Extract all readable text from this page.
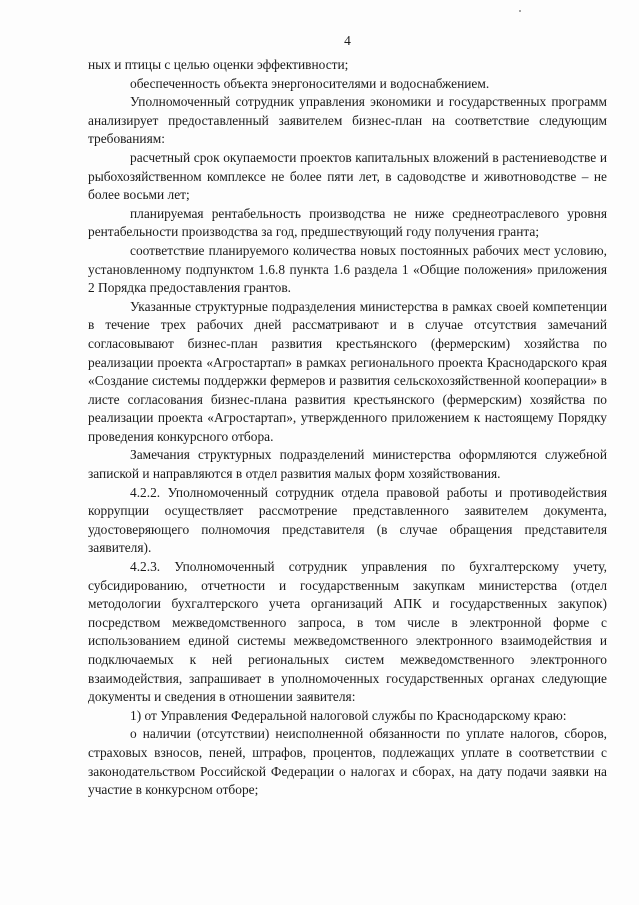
4

ных и птицы с целью оценки эффективности;

обеспеченность объекта энергоносителями и водоснабжением.

Уполномоченный сотрудник управления экономики и государственных программ анализирует предоставленный заявителем бизнес-план на соответствие следующим требованиям:

расчетный срок окупаемости проектов капитальных вложений в растениеводстве и рыбохозяйственном комплексе не более пяти лет, в садоводстве и животноводстве – не более восьми лет;

планируемая рентабельность производства не ниже среднеотраслевого уровня рентабельности производства за год, предшествующий году получения гранта;

соответствие планируемого количества новых постоянных рабочих мест условию, установленному подпунктом 1.6.8 пункта 1.6 раздела 1 «Общие положения» приложения 2 Порядка предоставления грантов.

Указанные структурные подразделения министерства в рамках своей компетенции в течение трех рабочих дней рассматривают и в случае отсутствия замечаний согласовывают бизнес-план развития крестьянского (фермерским) хозяйства по реализации проекта «Агростартап» в рамках регионального проекта Краснодарского края «Создание системы поддержки фермеров и развития сельскохозяйственной кооперации» в листе согласования бизнес-плана развития крестьянского (фермерским) хозяйства по реализации проекта «Агростартап», утвержденного приложением к настоящему Порядку проведения конкурсного отбора.

Замечания структурных подразделений министерства оформляются служебной запиской и направляются в отдел развития малых форм хозяйствования.

4.2.2. Уполномоченный сотрудник отдела правовой работы и противодействия коррупции осуществляет рассмотрение представленного заявителем документа, удостоверяющего полномочия представителя (в случае обращения представителя заявителя).

4.2.3. Уполномоченный сотрудник управления по бухгалтерскому учету, субсидированию, отчетности и государственным закупкам министерства (отдел методологии бухгалтерского учета организаций АПК и государственных закупок) посредством межведомственного запроса, в том числе в электронной форме с использованием единой системы межведомственного электронного взаимодействия и подключаемых к ней региональных систем межведомственного электронного взаимодействия, запрашивает в уполномоченных государственных органах следующие документы и сведения в отношении заявителя:

1) от Управления Федеральной налоговой службы по Краснодарскому краю:

о наличии (отсутствии) неисполненной обязанности по уплате налогов, сборов, страховых взносов, пеней, штрафов, процентов, подлежащих уплате в соответствии с законодательством Российской Федерации о налогах и сборах, на дату подачи заявки на участие в конкурсном отборе;
